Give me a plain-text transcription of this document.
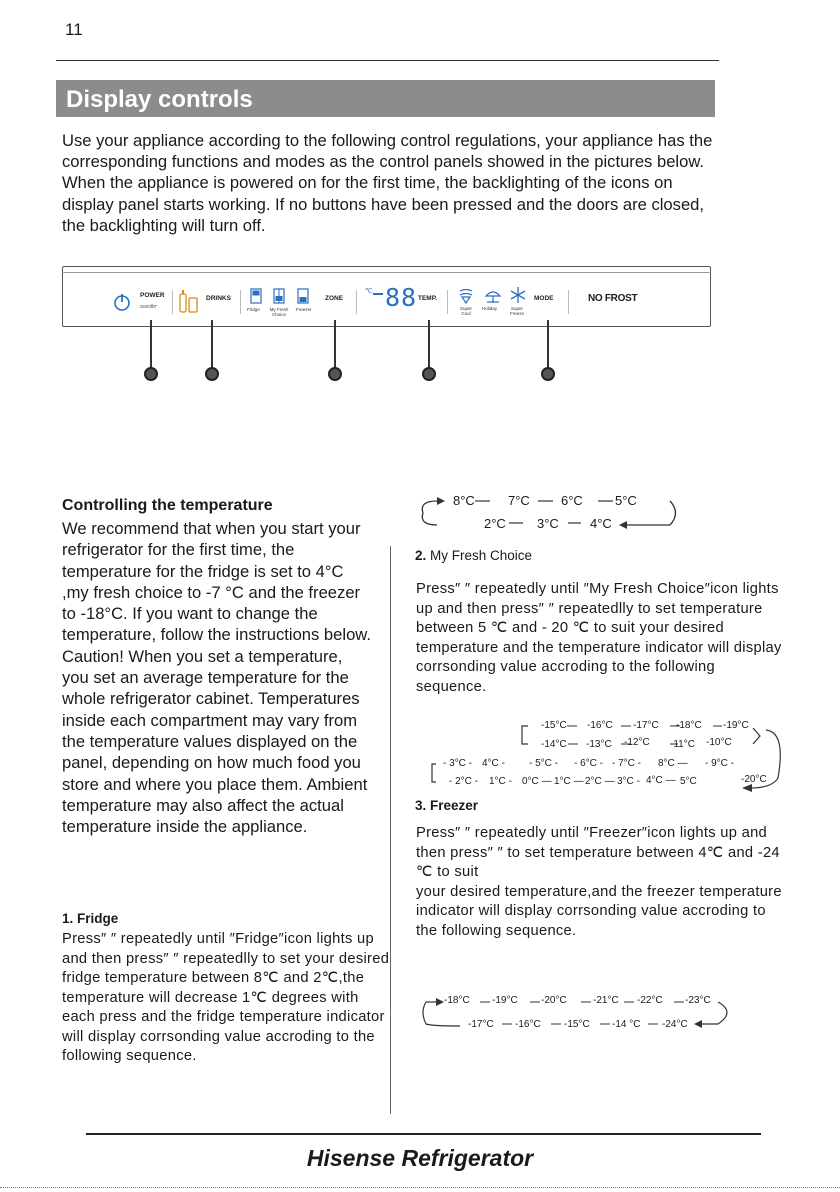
11
Display controls
Use your appliance according to the following control regulations, your appliance has the corresponding functions and modes as the control panels showed in the pictures below. When the appliance is powered on for the first time, the backlighting of the icons on display panel starts working. If no buttons have been pressed and the doors are closed, the backlighting will turn off.
POWER
On/Off3"
DRINKS
Fridge	My Fresh Choice
Freezer
ZONE
℃ 88 TEMP.
Super Cool
Holiday	Super Freeze
MODE	NO FROST
Controlling the temperature
We recommend that when you start your refrigerator for the first time, the temperature for the fridge is set to 4°C ,my fresh choice to -7 °C and the freezer to -18°C. If you want to change the temperature, follow the instructions below. Caution! When you set a temperature, you set an average temperature for the whole refrigerator cabinet. Temperatures inside each compartment may vary from the temperature values displayed on the panel, depending on how much food you store and where you place them. Ambient temperature may also affect the actual temperature inside the appliance.
1. Fridge
Press″ ″ repeatedly until ″Fridge″icon lights up and then press″ ″ repeatedlly to set your desired fridge temperature between 8℃ and 2℃,the temperature will decrease 1℃ degrees with each press and the fridge temperature indicator will display corrsonding value accroding to the following sequence.
8°C	7°C 6°C 5°C
2°C 3°C 4°C
2. My Fresh Choice
Press″ ″ repeatedly until ″My Fresh Choice″icon lights up and then press″ ″ repeatedlly to set temperature between 5 ℃ and - 20 ℃ to suit your desired temperature and the temperature indicator will display corrsonding value accroding to the following sequence.
-15°C -16°C -17°C -18°C -19°C
-14°C -13°C -12°C -11°C -10°C
- 3°C - 4°C - - 5°C - - 6°C - - 7°C - 8°C — - 9°C -
- 2°C - 1°C - 0°C — 1°C — 2°C — 3°C - 4°C — 5°C	-20°C
3. Freezer
Press″ ″ repeatedly until ″Freezer″icon lights up and then press″ ″ to set temperature between 4℃ and -24 ℃ to suit
your desired temperature,and the freezer temperature indicator will display corrsonding value accroding to the following sequence.
-18°C -19°C -20°C	-21°C -22°C -23°C
-17°C -16°C -15°C -14 °C -24°C
Hisense Refrigerator
